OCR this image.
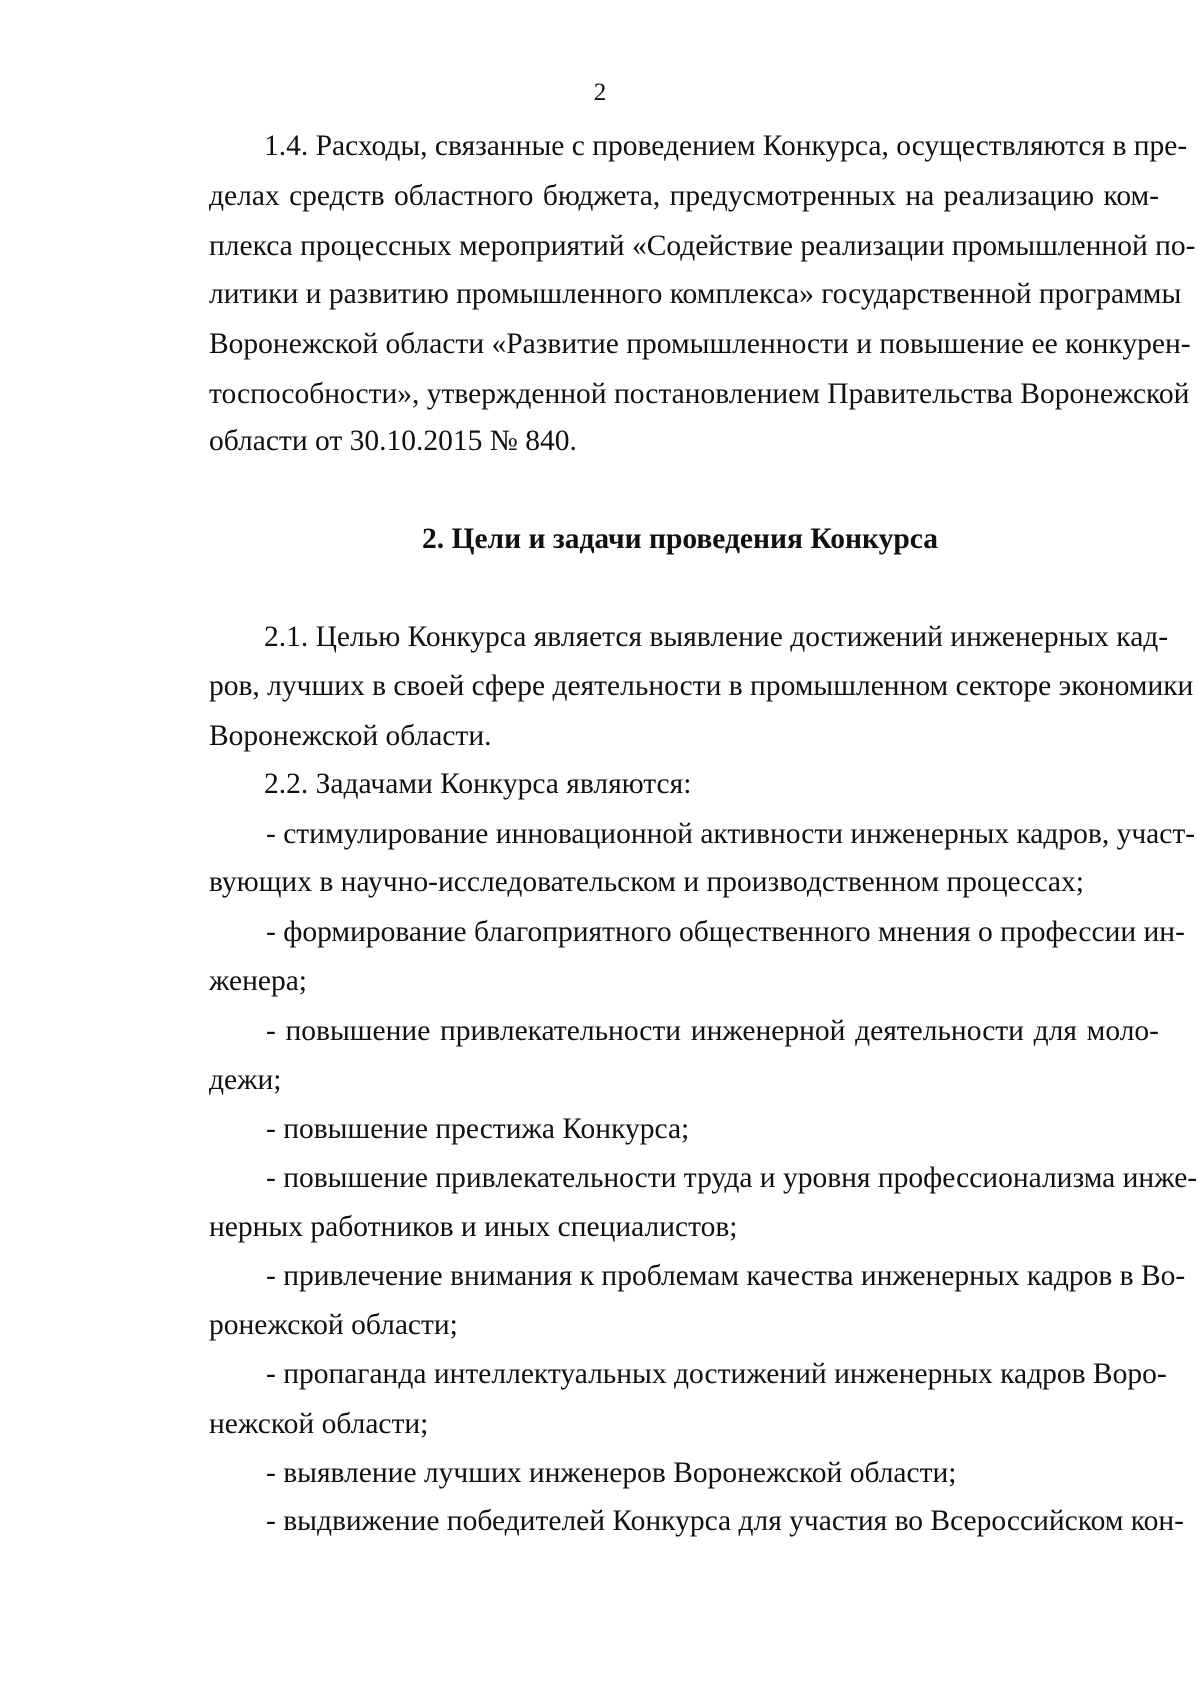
2
1.4. Расходы, связанные с проведением Конкурса, осуществляются в пре-
делах средств областного бюджета, предусмотренных на реализацию ком-
плекса процессных мероприятий «Содействие реализации промышленной по-
литики и развитию промышленного комплекса» государственной программы
Воронежской области «Развитие промышленности и повышение ее конкурен-
тоспособности», утвержденной постановлением Правительства Воронежской
области от 30.10.2015 № 840.
2. Цели и задачи проведения Конкурса
2.1. Целью Конкурса является выявление достижений инженерных кад-
ров, лучших в своей сфере деятельности в промышленном секторе экономики
Воронежской области.
2.2. Задачами Конкурса являются:
- стимулирование инновационной активности инженерных кадров, участ-
вующих в научно-исследовательском и производственном процессах;
- формирование благоприятного общественного мнения о профессии ин-
женера;
- повышение привлекательности инженерной деятельности для моло-
дежи;
- повышение престижа Конкурса;
- повышение привлекательности труда и уровня профессионализма инже-
нерных работников и иных специалистов;
- привлечение внимания к проблемам качества инженерных кадров в Во-
ронежской области;
- пропаганда интеллектуальных достижений инженерных кадров Воро-
нежской области;
- выявление лучших инженеров Воронежской области;
- выдвижение победителей Конкурса для участия во Всероссийском кон-
